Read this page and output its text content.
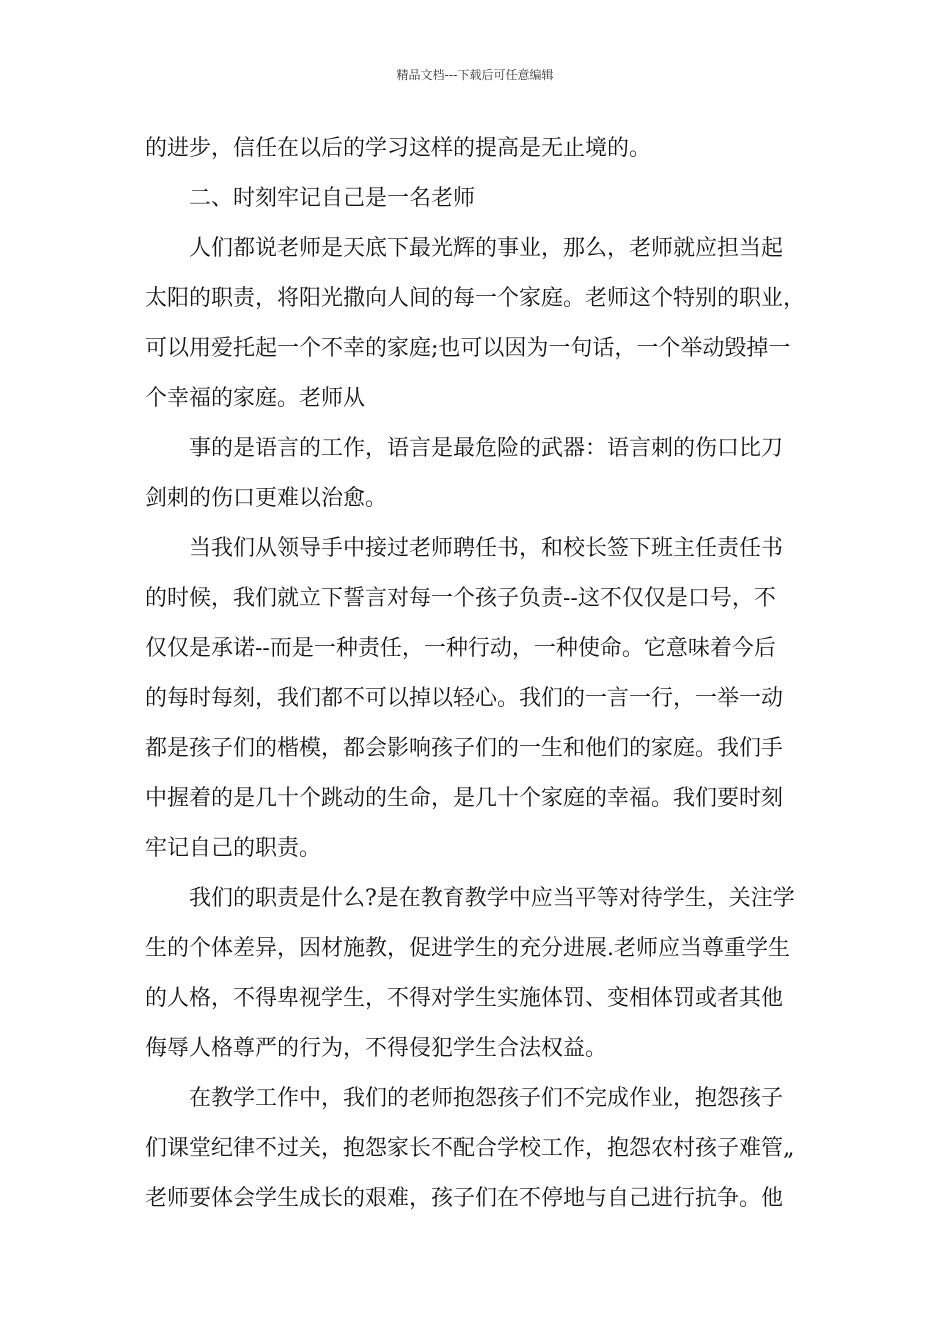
精品文档---下载后可任意编辑
的进步，信任在以后的学习这样的提高是无止境的。
二、时刻牢记自己是一名老师
人们都说老师是天底下最光辉的事业，那么，老师就应担当起
太阳的职责，将阳光撒向人间的每一个家庭。老师这个特别的职业，
可以用爱托起一个不幸的家庭;也可以因为一句话，一个举动毁掉一
个幸福的家庭。老师从
事的是语言的工作，语言是最危险的武器：语言刺的伤口比刀
剑刺的伤口更难以治愈。
当我们从领导手中接过老师聘任书，和校长签下班主任责任书
的时候，我们就立下誓言对每一个孩子负责--这不仅仅是口号，不
仅仅是承诺--而是一种责任，一种行动，一种使命。它意味着今后
的每时每刻，我们都不可以掉以轻心。我们的一言一行，一举一动
都是孩子们的楷模，都会影响孩子们的一生和他们的家庭。我们手
中握着的是几十个跳动的生命，是几十个家庭的幸福。我们要时刻
牢记自己的职责。
我们的职责是什么?是在教育教学中应当平等对待学生，关注学
生的个体差异，因材施教，促进学生的充分进展.老师应当尊重学生
的人格，不得卑视学生，不得对学生实施体罚、变相体罚或者其他
侮辱人格尊严的行为，不得侵犯学生合法权益。
在教学工作中，我们的老师抱怨孩子们不完成作业，抱怨孩子
们课堂纪律不过关，抱怨家长不配合学校工作，抱怨农村孩子难管„
老师要体会学生成长的艰难，孩子们在不停地与自己进行抗争。他
